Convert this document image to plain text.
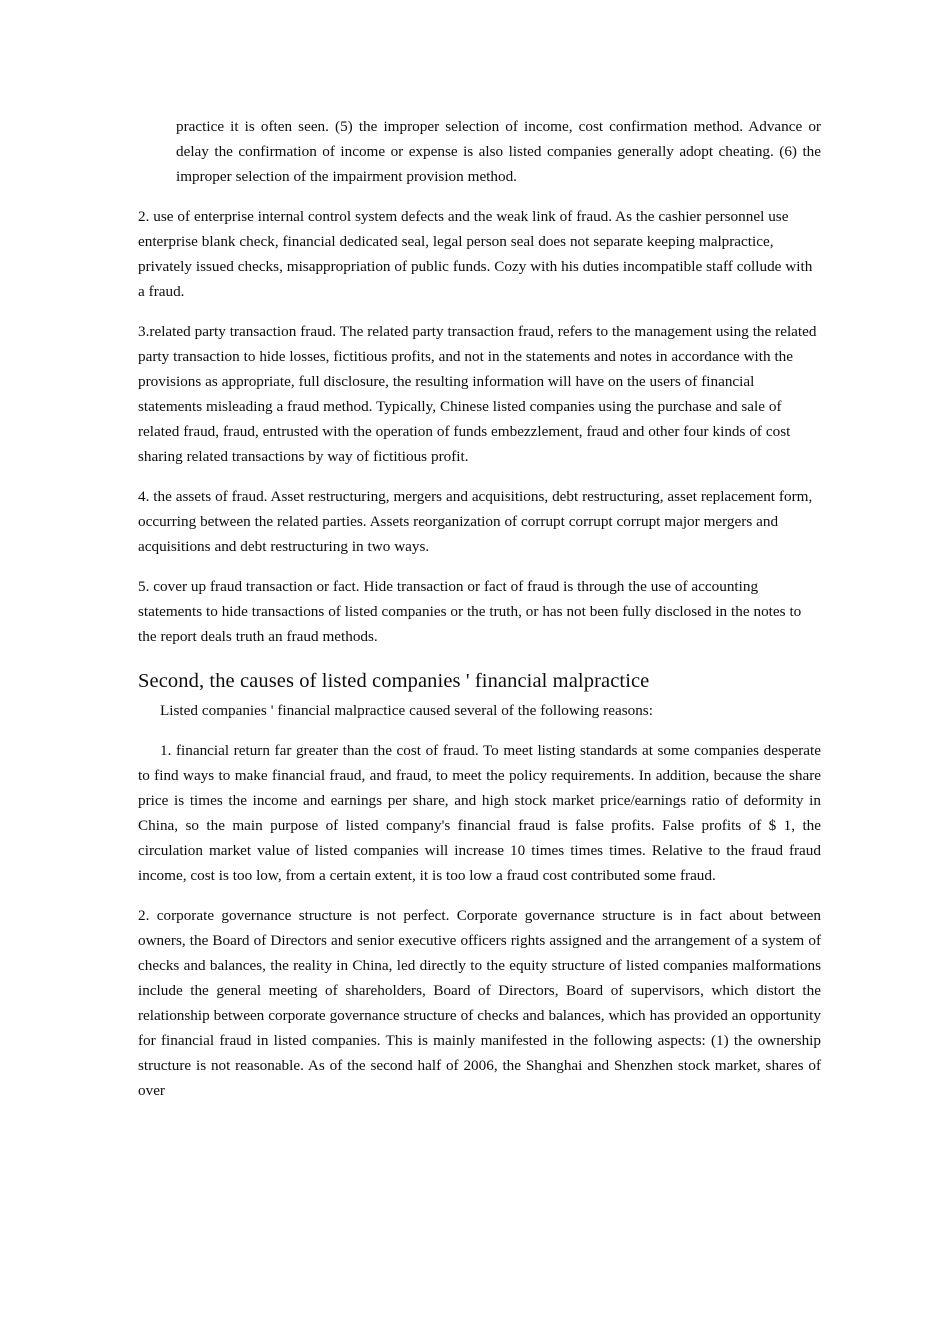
practice it is often seen. (5) the improper selection of income, cost confirmation method. Advance or delay the confirmation of income or expense is also listed companies generally adopt cheating. (6) the improper selection of the impairment provision method.

2. use of enterprise internal control system defects and the weak link of fraud. As the cashier personnel use enterprise blank check, financial dedicated seal, legal person seal does not separate keeping malpractice, privately issued checks, misappropriation of public funds. Cozy with his duties incompatible staff collude with a fraud.

3.related party transaction fraud. The related party transaction fraud, refers to the management using the related party transaction to hide losses, fictitious profits, and not in the statements and notes in accordance with the provisions as appropriate, full disclosure, the resulting information will have on the users of financial statements misleading a fraud method. Typically, Chinese listed companies using the purchase and sale of related fraud, fraud, entrusted with the operation of funds embezzlement, fraud and other four kinds of cost sharing related transactions by way of fictitious profit.

4. the assets of fraud. Asset restructuring, mergers and acquisitions, debt restructuring, asset replacement form, occurring between the related parties. Assets reorganization of corrupt corrupt corrupt major mergers and acquisitions and debt restructuring in two ways.

5. cover up fraud transaction or fact. Hide transaction or fact of fraud is through the use of accounting statements to hide transactions of listed companies or the truth, or has not been fully disclosed in the notes to the report deals truth an fraud methods.

Second, the causes of listed companies ' financial malpractice

Listed companies ' financial malpractice caused several of the following reasons:

1. financial return far greater than the cost of fraud. To meet listing standards at some companies desperate to find ways to make financial fraud, and fraud, to meet the policy requirements. In addition, because the share price is times the income and earnings per share, and high stock market price/earnings ratio of deformity in China, so the main purpose of listed company's financial fraud is false profits. False profits of $ 1, the circulation market value of listed companies will increase 10 times times times. Relative to the fraud fraud income, cost is too low, from a certain extent, it is too low a fraud cost contributed some fraud.

2. corporate governance structure is not perfect. Corporate governance structure is in fact about between owners, the Board of Directors and senior executive officers rights assigned and the arrangement of a system of checks and balances, the reality in China, led directly to the equity structure of listed companies malformations include the general meeting of shareholders, Board of Directors, Board of supervisors, which distort the relationship between corporate governance structure of checks and balances, which has provided an opportunity for financial fraud in listed companies. This is mainly manifested in the following aspects: (1) the ownership structure is not reasonable. As of the second half of 2006, the Shanghai and Shenzhen stock market, shares of over
